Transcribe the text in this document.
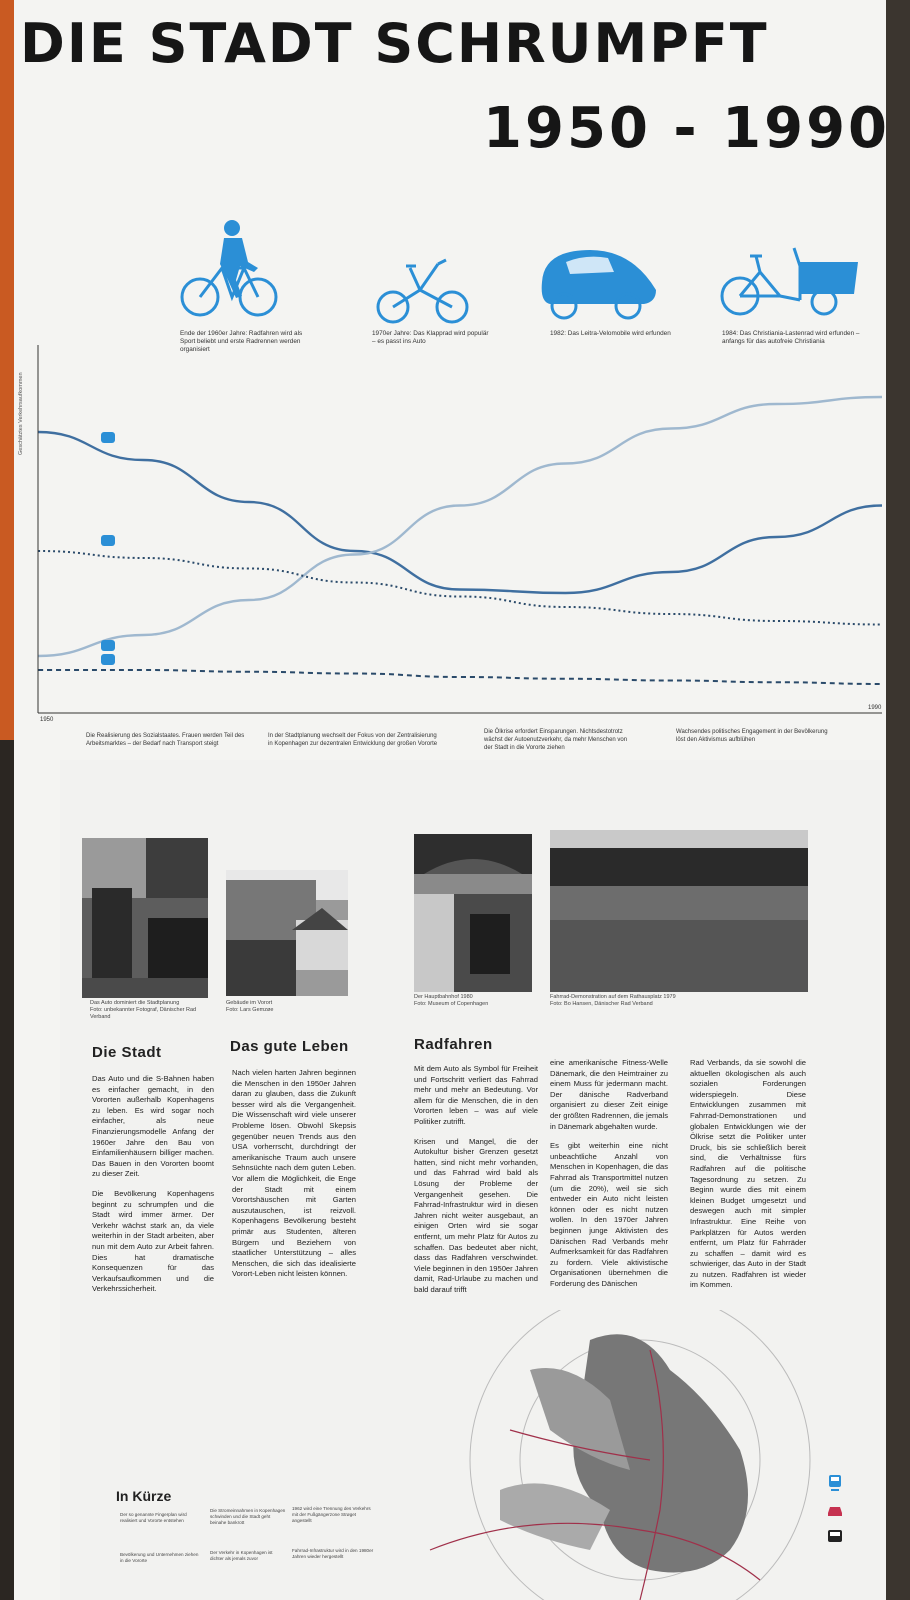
DIE STADT SCHRUMPFT
1950 - 1990
Ende der 1960er Jahre: Radfahren wird als Sport beliebt und erste Radrennen werden organisiert
1970er Jahre: Das Klapprad wird populär – es passt ins Auto
1982: Das Leitra-Velomobile wird erfunden	1984: Das Christiania-Lastenrad wird erfunden – anfangs für das autofreie Christiania
Geschätztes Verkehrsaufkommen
1950
1990
Die Realisierung des Sozialstaates. Frauen werden Teil des Arbeitsmarktes – der Bedarf nach Transport steigt
In der Stadtplanung wechselt der Fokus von der Zentralisierung in Kopenhagen zur dezentralen Entwicklung der großen Vororte
Die Ölkrise erfordert Einsparungen. Nichtsdestotrotz wächst der Autoenutzverkehr, da mehr Menschen von der Stadt in die Vororte ziehen
Wachsendes politisches Engagement in der Bevölkerung löst den Aktivismus aufblühen
Das Auto dominiert die Stadtplanung
Foto: unbekannter Fotograf, Dänischer Rad Verband
Gebäude im Vorort
Foto: Lars Gemzøe
Der Hauptbahnhof 1980
Foto: Museum of Copenhagen
Fahrrad-Demonstration auf dem Rathausplatz 1979
Foto: Bo Hansen, Dänischer Rad Verband
Die Stadt

Das Auto und die S-Bahnen haben es einfacher gemacht, in den Vororten außerhalb Kopenhagens zu leben. Es wird sogar noch einfacher, als neue Finanzierungsmodelle Anfang der 1960er Jahre den Bau von Einfamilienhäusern billiger machen. Das Bauen in den Vororten boomt zu dieser Zeit.

Die Bevölkerung Kopenhagens beginnt zu schrumpfen und die Stadt wird immer ärmer. Der Verkehr wächst stark an, da viele weiterhin in der Stadt arbeiten, aber nun mit dem Auto zur Arbeit fahren. Dies hat dramatische Konsequenzen für das Verkaufsaufkommen und die Verkehrssicherheit.

Das gute Leben

Nach vielen harten Jahren beginnen die Menschen in den 1950er Jahren daran zu glauben, dass die Zukunft besser wird als die Vergangenheit. Die Wissenschaft wird viele unserer Probleme lösen. Obwohl Skepsis gegenüber neuen Trends aus den USA vorherrscht, durchdringt der amerikanische Traum auch unsere Sehnsüchte nach dem guten Leben. Vor allem die Möglichkeit, die Enge der Stadt mit einem Vorortshäuschen mit Garten auszutauschen, ist reizvoll. Kopenhagens Bevölkerung besteht primär aus Studenten, älteren Bürgern und Beziehern von staatlicher Unterstützung – alles Menschen, die sich das idealisierte Vorort-Leben nicht leisten können.

Radfahren

Mit dem Auto als Symbol für Freiheit und Fortschritt verliert das Fahrrad mehr und mehr an Bedeutung. Vor allem für die Menschen, die in den Vororten leben – was auf viele Politiker zutrifft.

Krisen und Mangel, die der Autokultur bisher Grenzen gesetzt hatten, sind nicht mehr vorhanden, und das Fahrrad wird bald als Lösung der Probleme der Vergangenheit gesehen. Die Fahrrad-Infrastruktur wird in diesen Jahren nicht weiter ausgebaut, an einigen Orten wird sie sogar entfernt, um mehr Platz für Autos zu schaffen. Das bedeutet aber nicht, dass das Radfahren verschwindet. Viele beginnen in den 1950er Jahren damit, Rad-Urlaube zu machen und bald darauf trifft

eine amerikanische Fitness-Welle Dänemark, die den Heimtrainer zu einem Muss für jedermann macht. Der dänische Radverband organisiert zu dieser Zeit einige der größten Radrennen, die jemals in Dänemark abgehalten wurde.

Es gibt weiterhin eine nicht unbeachtliche Anzahl von Menschen in Kopenhagen, die das Fahrrad als Transportmittel nutzen (um die 20%), weil sie sich entweder ein Auto nicht leisten können oder es nicht nutzen wollen. In den 1970er Jahren beginnen junge Aktivisten des Dänischen Rad Verbands mehr Aufmerksamkeit für das Radfahren zu fordern. Viele aktivistische Organisationen übernehmen die Forderung des Dänischen

Rad Verbands, da sie sowohl die aktuellen ökologischen als auch sozialen Forderungen widerspiegeln. Diese Entwicklungen zusammen mit Fahrrad-Demonstrationen und globalen Entwicklungen wie der Ölkrise setzt die Politiker unter Druck, bis sie schließlich bereit sind, die Verhältnisse fürs Radfahren auf die politische Tagesordnung zu setzen. Zu Beginn wurde dies mit einem kleinen Budget umgesetzt und deswegen auch mit simpler Infrastruktur. Eine Reihe von Parkplätzen für Autos werden entfernt, um Platz für Fahrräder zu schaffen – damit wird es schwieriger, das Auto in der Stadt zu nutzen. Radfahren ist wieder im Kommen.

In Kürze
Der so genannte Fingerplan wird realisiert und Vororte entstehen
Die Stromeinnahmen in Kopenhagen schwinden und die Stadt geht beinahe bankrott
1962 wird eine Trennung des Verkehrs mit der Fußgängerzone Strøget angestellt
Bevölkerung und Unternehmen ziehen in die Vororte
Der Verkehr in Kopenhagen ist dichter als jemals zuvor
Fahrrad-Infrastruktur wird in den 1980er Jahren wieder hergestellt
